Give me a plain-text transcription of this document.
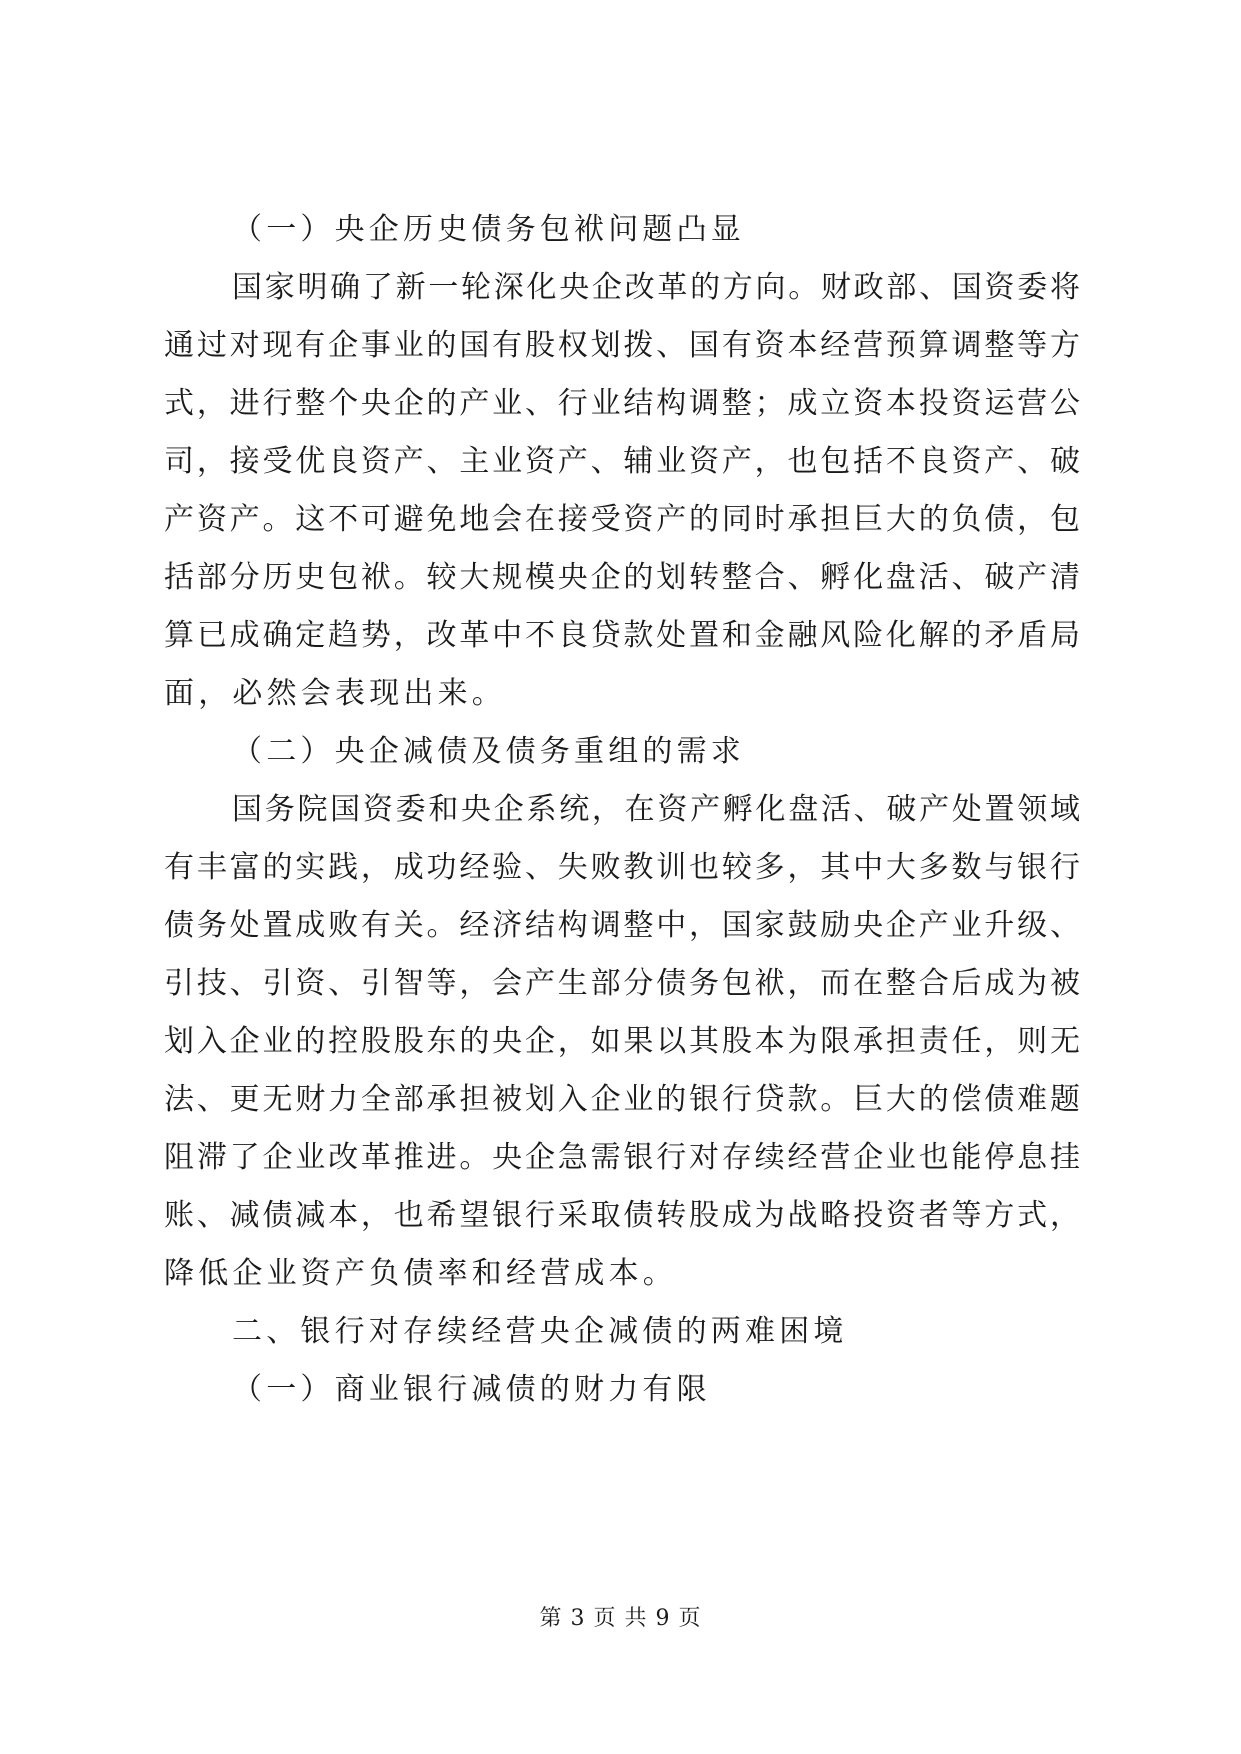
（一）央企历史债务包袱问题凸显
国家明确了新一轮深化央企改革的方向。财政部、国资委将
通过对现有企事业的国有股权划拨、国有资本经营预算调整等方
式，进行整个央企的产业、行业结构调整；成立资本投资运营公
司，接受优良资产、主业资产、辅业资产，也包括不良资产、破
产资产。这不可避免地会在接受资产的同时承担巨大的负债，包
括部分历史包袱。较大规模央企的划转整合、孵化盘活、破产清
算已成确定趋势，改革中不良贷款处置和金融风险化解的矛盾局
面，必然会表现出来。
（二）央企减债及债务重组的需求
国务院国资委和央企系统，在资产孵化盘活、破产处置领域
有丰富的实践，成功经验、失败教训也较多，其中大多数与银行
债务处置成败有关。经济结构调整中，国家鼓励央企产业升级、
引技、引资、引智等，会产生部分债务包袱，而在整合后成为被
划入企业的控股股东的央企，如果以其股本为限承担责任，则无
法、更无财力全部承担被划入企业的银行贷款。巨大的偿债难题
阻滞了企业改革推进。央企急需银行对存续经营企业也能停息挂
账、减债减本，也希望银行采取债转股成为战略投资者等方式，
降低企业资产负债率和经营成本。
二、银行对存续经营央企减债的两难困境
（一）商业银行减债的财力有限
第 3 页 共 9 页
